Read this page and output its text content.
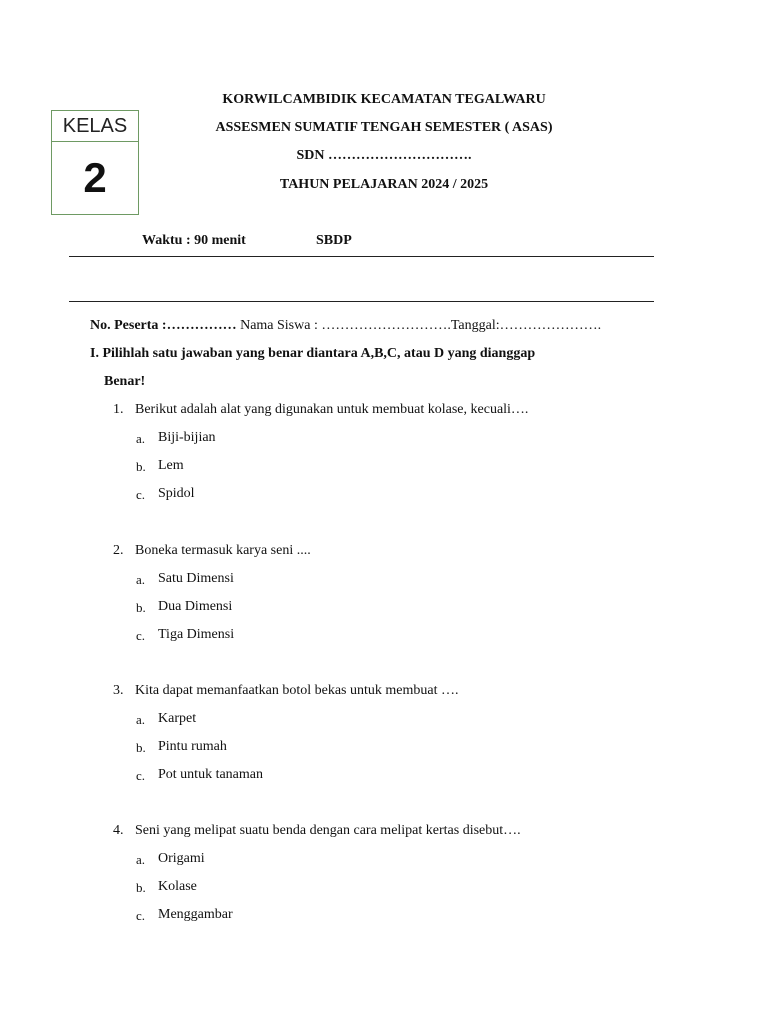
KELAS
2
KORWILCAMBIDIK KECAMATAN TEGALWARU
ASSESMEN SUMATIF TENGAH SEMESTER ( ASAS)
SDN ………………………….
TAHUN PELAJARAN 2024 / 2025
Waktu : 90 menit	SBDP
No. Peserta :…………… Nama Siswa : ……………………….Tanggal:………………….
I. Pilihlah satu jawaban yang benar diantara A,B,C, atau D yang dianggap
Benar!
1. Berikut adalah alat yang digunakan untuk membuat kolase, kecuali….
a. Biji-bijian
b. Lem
c. Spidol
2. Boneka termasuk karya seni ....
a. Satu Dimensi
b. Dua Dimensi
c. Tiga Dimensi
3. Kita dapat memanfaatkan botol bekas untuk membuat ….
a. Karpet
b. Pintu rumah
c. Pot untuk tanaman
4. Seni yang melipat suatu benda dengan cara melipat kertas disebut….
a. Origami
b. Kolase
c. Menggambar
